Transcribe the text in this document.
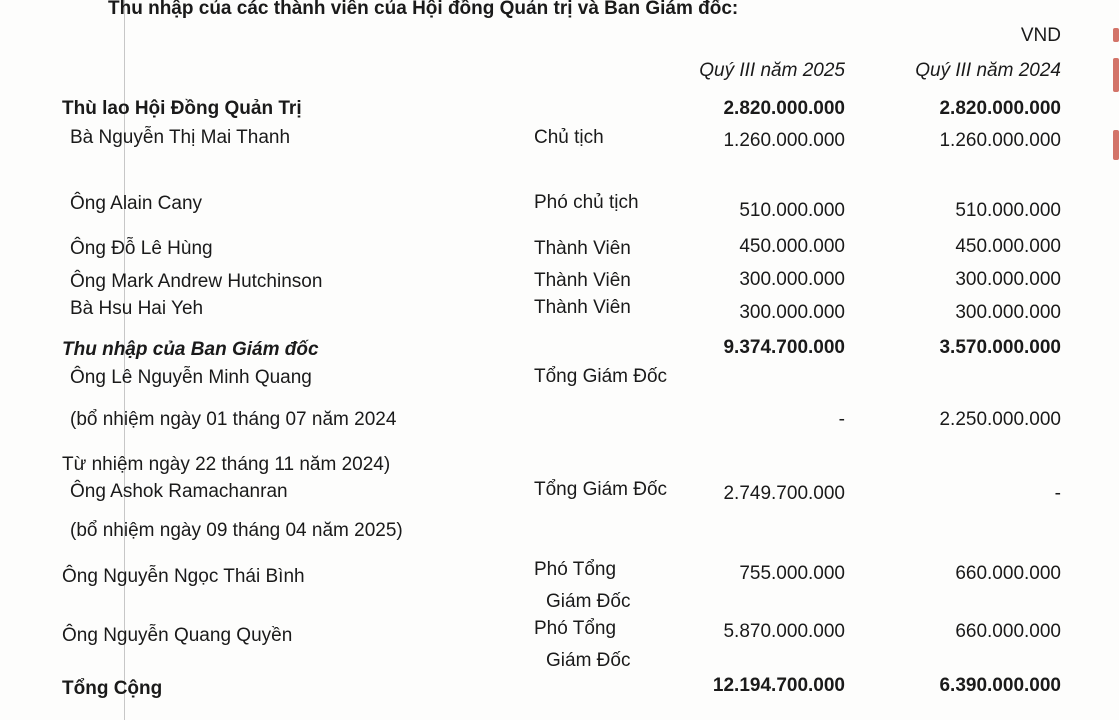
Thu nhập của các thành viên của Hội đồng Quản trị và Ban Giám đốc:
VND
Quý III năm 2025	Quý III năm 2024
Thù lao Hội Đồng Quản Trị	2.820.000.000	2.820.000.000
Bà Nguyễn Thị Mai Thanh	Chủ tịch	1.260.000.000	1.260.000.000
Ông Alain Cany	Phó chủ tịch	510.000.000	510.000.000
Ông Đỗ Lê Hùng	Thành Viên	450.000.000	450.000.000
Ông Mark Andrew Hutchinson	Thành Viên	300.000.000	300.000.000
Bà Hsu Hai Yeh	Thành Viên	300.000.000	300.000.000
Thu nhập của Ban Giám đốc	9.374.700.000	3.570.000.000
Ông Lê Nguyễn Minh Quang	Tổng Giám Đốc
(bổ nhiệm ngày 01 tháng 07 năm 2024	-	2.250.000.000
Từ nhiệm ngày 22 tháng 11 năm 2024)
Ông Ashok Ramachanran	Tổng Giám Đốc	2.749.700.000	-
(bổ nhiệm ngày 09 tháng 04 năm 2025)
Ông Nguyễn Ngọc Thái Bình	Phó Tổng
Giám Đốc
755.000.000	660.000.000
Ông Nguyễn Quang Quyền	Phó Tổng
Giám Đốc
5.870.000.000	660.000.000
Tổng Cộng	12.194.700.000	6.390.000.000
